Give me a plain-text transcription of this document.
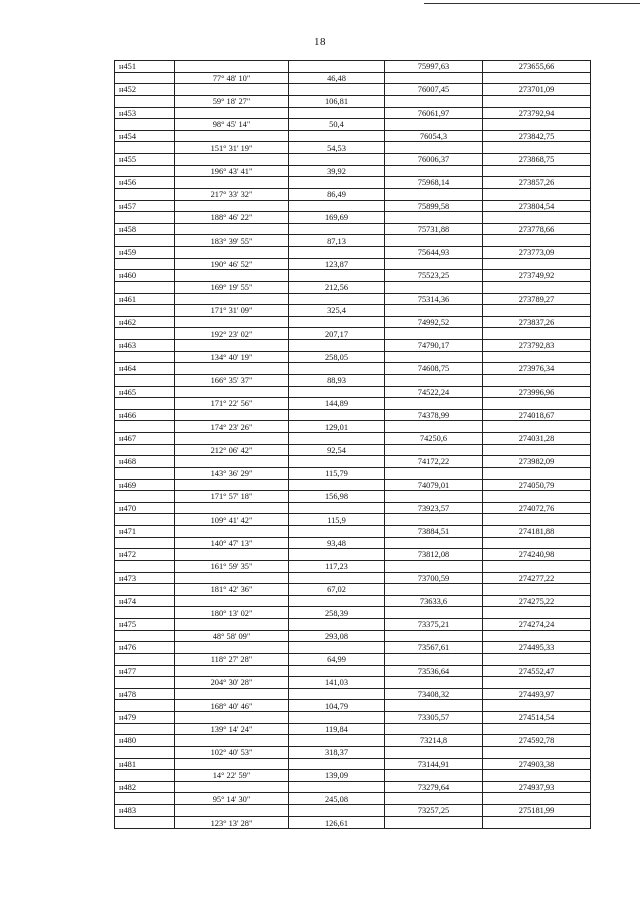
18
н451			75997,63	273655,66
	77° 48' 10"	46,48		
н452			76007,45	273701,09
	59° 18' 27"	106,81		
н453			76061,97	273792,94
	98° 45' 14"	50,4		
н454			76054,3	273842,75
	151° 31' 19"	54,53		
н455			76006,37	273868,75
	196° 43' 41"	39,92		
н456			75968,14	273857,26
	217° 33' 32"	86,49		
н457			75899,58	273804,54
	188° 46' 22"	169,69		
н458			75731,88	273778,66
	183° 39' 55"	87,13		
н459			75644,93	273773,09
	190° 46' 52"	123,87		
н460			75523,25	273749,92
	169° 19' 55"	212,56		
н461			75314,36	273789,27
	171° 31' 09"	325,4		
н462			74992,52	273837,26
	192° 23' 02"	207,17		
н463			74790,17	273792,83
	134° 40' 19"	258,05		
н464			74608,75	273976,34
	166° 35' 37"	88,93		
н465			74522,24	273996,96
	171° 22' 56"	144,89		
н466			74378,99	274018,67
	174° 23' 26"	129,01		
н467			74250,6	274031,28
	212° 06' 42"	92,54		
н468			74172,22	273982,09
	143° 36' 29"	115,79		
н469			74079,01	274050,79
	171° 57' 18"	156,98		
н470			73923,57	274072,76
	109° 41' 42"	115,9		
н471			73884,51	274181,88
	140° 47' 13"	93,48		
н472			73812,08	274240,98
	161° 59' 35"	117,23		
н473			73700,59	274277,22
	181° 42' 36"	67,02		
н474			73633,6	274275,22
	180° 13' 02"	258,39		
н475			73375,21	274274,24
	48° 58' 09"	293,08		
н476			73567,61	274495,33
	118° 27' 28"	64,99		
н477			73536,64	274552,47
	204° 30' 28"	141,03		
н478			73408,32	274493,97
	168° 40' 46"	104,79		
н479			73305,57	274514,54
	139° 14' 24"	119,84		
н480			73214,8	274592,78
	102° 40' 53"	318,37		
н481			73144,91	274903,38
	14° 22' 59"	139,09		
н482			73279,64	274937,93
	95° 14' 30"	245,08		
н483			73257,25	275181,99
	123° 13' 28"	126,61		
